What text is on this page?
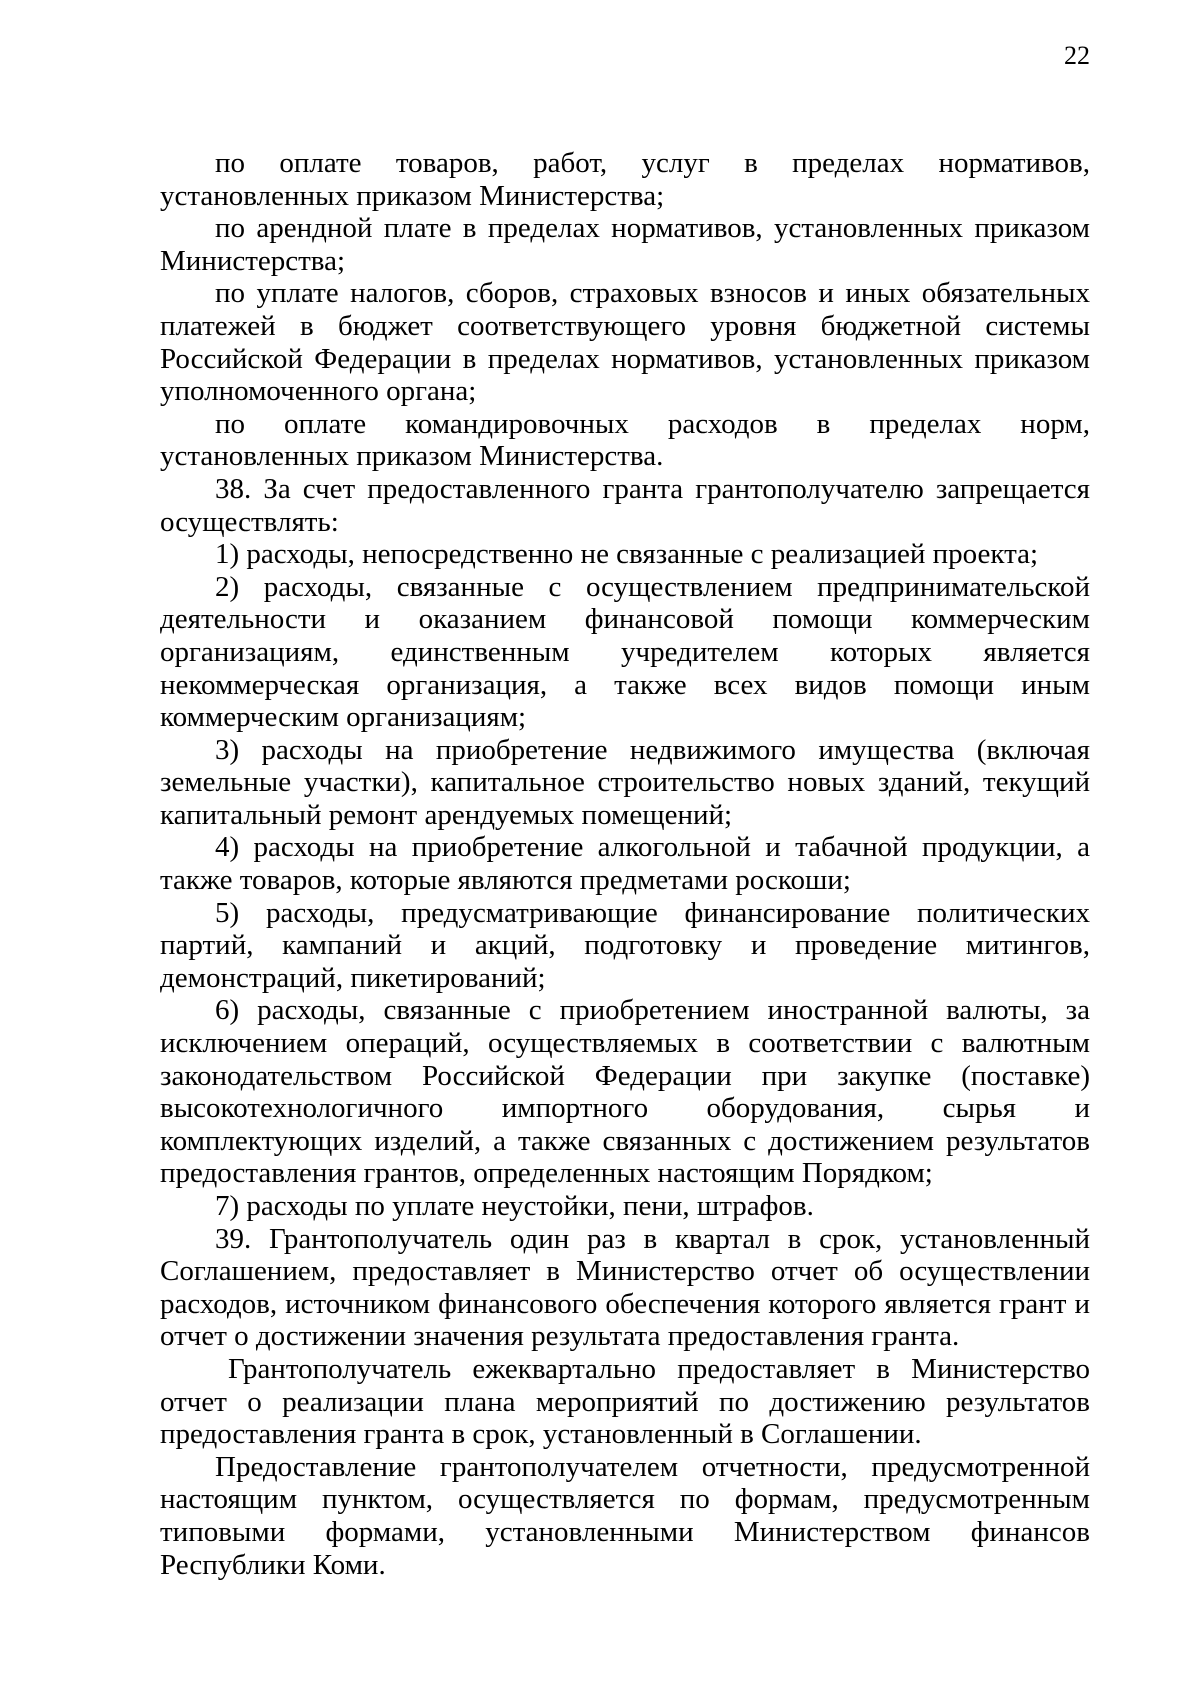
22

по оплате товаров, работ, услуг в пределах нормативов, установленных приказом Министерства;

по арендной плате в пределах нормативов, установленных приказом Министерства;

по уплате налогов, сборов, страховых взносов и иных обязательных платежей в бюджет соответствующего уровня бюджетной системы Российской Федерации в пределах нормативов, установленных приказом уполномоченного органа;

по оплате командировочных расходов в пределах норм, установленных приказом Министерства.

38. За счет предоставленного гранта грантополучателю запрещается осуществлять:

1) расходы, непосредственно не связанные с реализацией проекта;

2) расходы, связанные с осуществлением предпринимательской деятельности и оказанием финансовой помощи коммерческим организациям, единственным учредителем которых является некоммерческая организация, а также всех видов помощи иным коммерческим организациям;

3) расходы на приобретение недвижимого имущества (включая земельные участки), капитальное строительство новых зданий, текущий капитальный ремонт арендуемых помещений;

4) расходы на приобретение алкогольной и табачной продукции, а также товаров, которые являются предметами роскоши;

5) расходы, предусматривающие финансирование политических партий, кампаний и акций, подготовку и проведение митингов, демонстраций, пикетирований;

6) расходы, связанные с приобретением иностранной валюты, за исключением операций, осуществляемых в соответствии с валютным законодательством Российской Федерации при закупке (поставке) высокотехнологичного импортного оборудования, сырья и комплектующих изделий, а также связанных с достижением результатов предоставления грантов, определенных настоящим Порядком;

7) расходы по уплате неустойки, пени, штрафов.

39. Грантополучатель один раз в квартал в срок, установленный Соглашением, предоставляет в Министерство отчет об осуществлении расходов, источником финансового обеспечения которого является грант и отчет о достижении значения результата предоставления гранта.

Грантополучатель ежеквартально предоставляет в Министерство отчет о реализации плана мероприятий по достижению результатов предоставления гранта в срок, установленный в Соглашении.

Предоставление грантополучателем отчетности, предусмотренной настоящим пунктом, осуществляется по формам, предусмотренным типовыми формами, установленными Министерством финансов Республики Коми.
